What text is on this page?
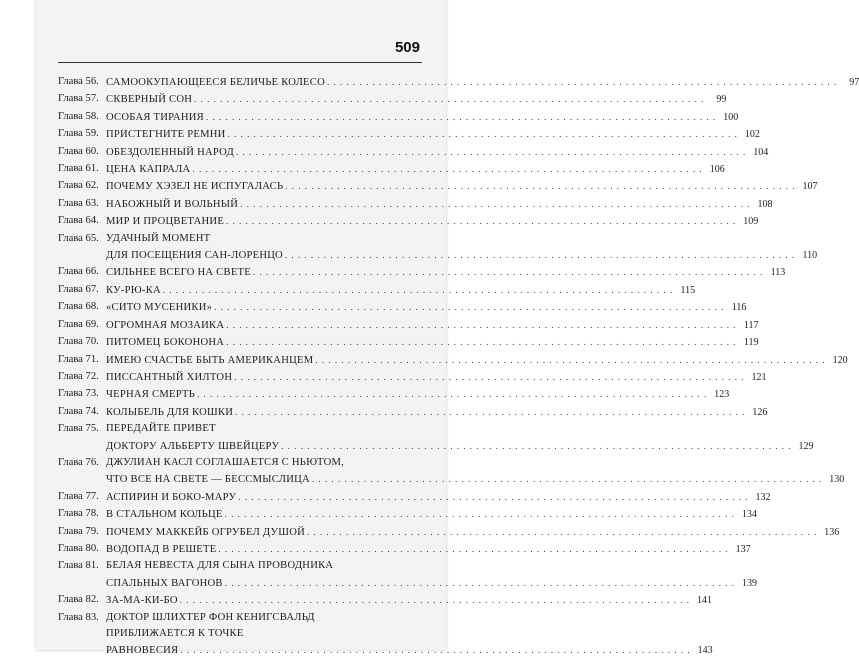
509
Глава 56. САМООКУПАЮЩЕЕСЯ БЕЛИЧЬЕ КОЛЕСО . . .	97
Глава 57. СКВЕРНЫЙ СОН . . .	99
Глава 58. ОСОБАЯ ТИРАНИЯ . . .	100
Глава 59. ПРИСТЕГНИТЕ РЕМНИ . . .	102
Глава 60. ОБЕЗДОЛЕННЫЙ НАРОД . . .	104
Глава 61. ЦЕНА КАПРАЛА . . .	106
Глава 62. ПОЧЕМУ ХЭЗЕЛ НЕ ИСПУГАЛАСЬ . . .	107
Глава 63. НАБОЖНЫЙ И ВОЛЬНЫЙ . . .	108
Глава 64. МИР И ПРОЦВЕТАНИЕ . . .	109
Глава 65. УДАЧНЫЙ МОМЕНТ
ДЛЯ ПОСЕЩЕНИЯ САН-ЛОРЕНЦО . . .	110
Глава 66. СИЛЬНЕЕ ВСЕГО НА СВЕТЕ . . .	113
Глава 67. КУ-РЮ-КА . . .	115
Глава 68. «СИТО МУСЕНИКИ» . . .	116
Глава 69. ОГРОМНАЯ МОЗАИКА . . .	117
Глава 70. ПИТОМЕЦ БОКОНОНА . . .	119
Глава 71. ИМЕЮ СЧАСТЬЕ БЫТЬ АМЕРИКАНЦЕМ . . .	120
Глава 72. ПИССАНТНЫЙ ХИЛТОН . . .	121
Глава 73. ЧЕРНАЯ СМЕРТЬ . . .	123
Глава 74. КОЛЫБЕЛЬ ДЛЯ КОШКИ . . .	126
Глава 75. ПЕРЕДАЙТЕ ПРИВЕТ
ДОКТОРУ АЛЬБЕРТУ ШВЕЙЦЕРУ . . .	129
Глава 76. ДЖУЛИАН КАСЛ СОГЛАШАЕТСЯ С НЬЮТОМ,
ЧТО ВСЕ НА СВЕТЕ — БЕССМЫСЛИЦА . . .	130
Глава 77. АСПИРИН И БОКО-МАРУ . . .	132
Глава 78. В СТАЛЬНОМ КОЛЬЦЕ . . .	134
Глава 79. ПОЧЕМУ МАККЕЙБ ОГРУБЕЛ ДУШОЙ . . .	136
Глава 80. ВОДОПАД В РЕШЕТЕ . . .	137
Глава 81. БЕЛАЯ НЕВЕСТА ДЛЯ СЫНА ПРОВОДНИКА
СПАЛЬНЫХ ВАГОНОВ . . .	139
Глава 82. ЗА-МА-КИ-БО . . .	141
Глава 83. ДОКТОР ШЛИХТЕР ФОН КЕНИГСВАЛЬД
ПРИБЛИЖАЕТСЯ К ТОЧКЕ
РАВНОВЕСИЯ . . .	143
